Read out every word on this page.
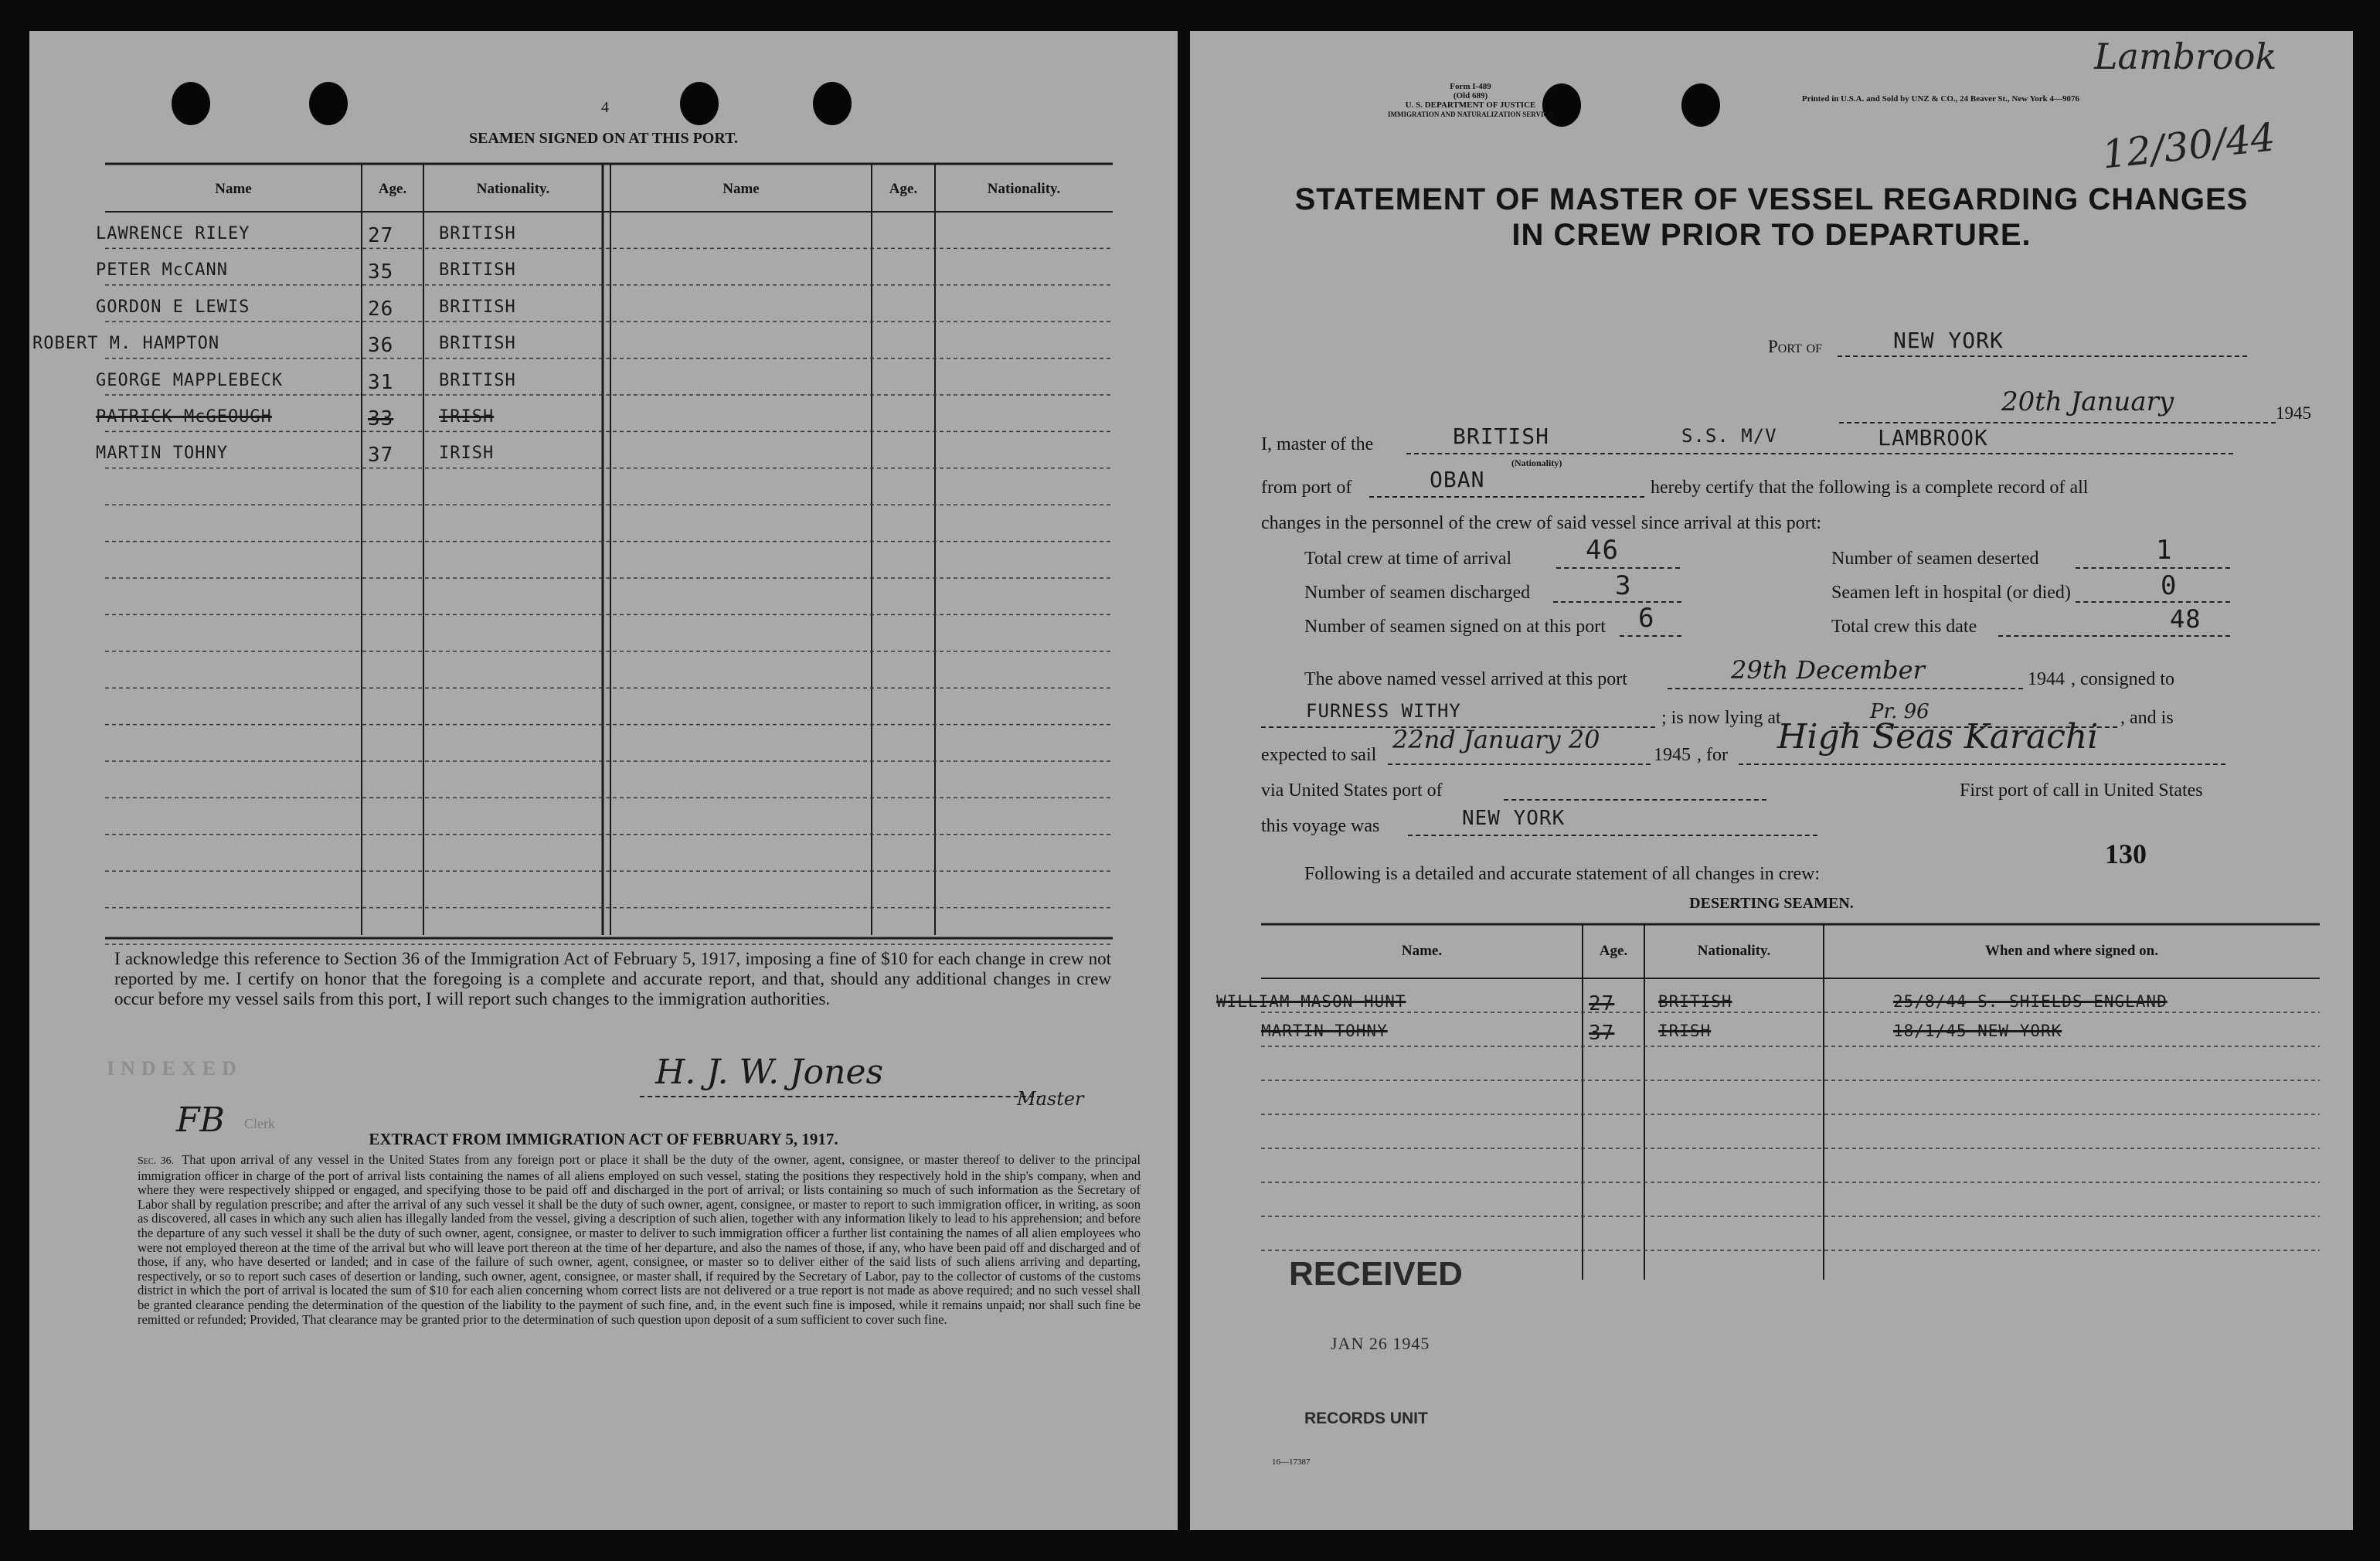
4
SEAMEN SIGNED ON AT THIS PORT.
Name	Age.	Nationality.	Name	Age.	Nationality.
LAWRENCE RILEY	27	BRITISH
PETER McCANN	35	BRITISH
GORDON E LEWIS	26	BRITISH
ROBERT M. HAMPTON	36	BRITISH
GEORGE MAPPLEBECK	31	BRITISH
PATRICK McGEOUGH	33	IRISH
MARTIN TOHNY	37	IRISH
I acknowledge this reference to Section 36 of the Immigration Act of February 5, 1917, imposing a fine of $10 for each change in crew not reported by me. I certify on honor that the foregoing is a complete and accurate report, and that, should any additional changes in crew occur before my vessel sails from this port, I will report such changes to the immigration authorities.
INDEXED	H. J. W. Jones
Master
FB Clerk
EXTRACT FROM IMMIGRATION ACT OF FEBRUARY 5, 1917.
Sec. 36. That upon arrival of any vessel in the United States from any foreign port or place it shall be the duty of the owner, agent, consignee, or master thereof to deliver to the principal immigration officer in charge of the port of arrival lists containing the names of all aliens employed on such vessel, stating the positions they respectively hold in the ship's company, when and where they were respectively shipped or engaged, and specifying those to be paid off and discharged in the port of arrival; or lists containing so much of such information as the Secretary of Labor shall by regulation prescribe; and after the arrival of any such vessel it shall be the duty of such owner, agent, consignee, or master to report to such immigration officer, in writing, as soon as discovered, all cases in which any such alien has illegally landed from the vessel, giving a description of such alien, together with any information likely to lead to his apprehension; and before the departure of any such vessel it shall be the duty of such owner, agent, consignee, or master to deliver to such immigration officer a further list containing the names of all alien employees who were not employed thereon at the time of the arrival but who will leave port thereon at the time of her departure, and also the names of those, if any, who have been paid off and discharged and of those, if any, who have deserted or landed; and in case of the failure of such owner, agent, consignee, or master so to deliver either of the said lists of such aliens arriving and departing, respectively, or so to report such cases of desertion or landing, such owner, agent, consignee, or master shall, if required by the Secretary of Labor, pay to the collector of customs of the customs district in which the port of arrival is located the sum of $10 for each alien concerning whom correct lists are not delivered or a true report is not made as above required; and no such vessel shall be granted clearance pending the determination of the question of the liability to the payment of such fine, and, in the event such fine is imposed, while it remains unpaid; nor shall such fine be remitted or refunded; Provided, That clearance may be granted prior to the determination of such question upon deposit of a sum sufficient to cover such fine.
Form I-489
(Old 689)
U. S. DEPARTMENT OF JUSTICE
IMMIGRATION AND NATURALIZATION SERVICE
Printed in U.S.A. and Sold by UNZ & CO., 24 Beaver St., New York 4—9076
Lambrook
12/30/44
STATEMENT OF MASTER OF VESSEL REGARDING CHANGES
IN CREW PRIOR TO DEPARTURE.
Port of	NEW YORK
20th January	1945
I, master of the	BRITISH
(Nationality)
S.S. M/V	LAMBROOK
from port of	OBAN	hereby certify that the following is a complete record of all
changes in the personnel of the crew of said vessel since arrival at this port:
Total crew at time of arrival	46
Number of seamen discharged	3
Number of seamen signed on at this port 6
Number of seamen deserted	1
Seamen left in hospital (or died)	0
Total crew this date	48
The above named vessel arrived at this port	29th December	1944 , consigned to
FURNESS WITHY	; is now lying at	Pr. 96	, and is
expected to sail
22nd January 20
1945 , for High Seas Karachi
via United States port of	First port of call in United States
this voyage was	NEW YORK
130
Following is a detailed and accurate statement of all changes in crew:
DESERTING SEAMEN.
Name.	Age.	Nationality.	When and where signed on.
WILLIAM MASON-HUNT	27	BRITISH	25/8/44 S. SHIELDS ENGLAND
MARTIN TOHNY	37	IRISH	18/1/45 NEW YORK
RECEIVED
JAN 26 1945
RECORDS UNIT
16—17387
